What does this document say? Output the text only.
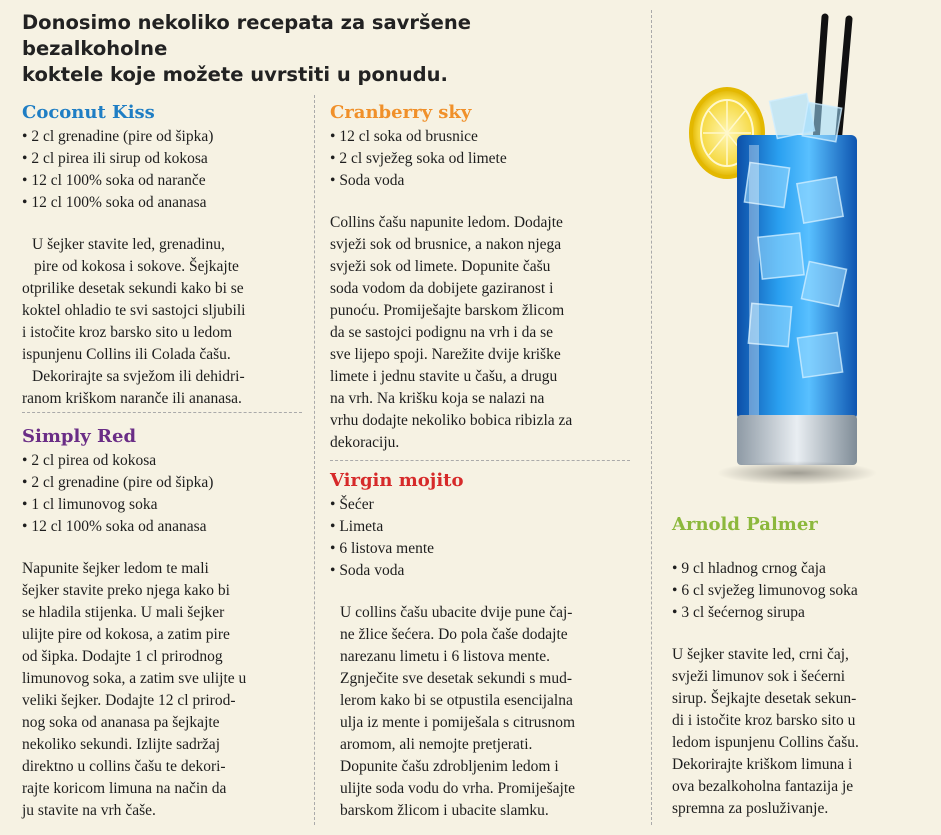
Donosimo nekoliko recepata za savršene bezalkoholne
koktele koje možete uvrstiti u ponudu.
Coconut Kiss
• 2 cl grenadine (pire od šipka)
• 2 cl pirea ili sirup od kokosa
• 12 cl 100% soka od naranče
• 12 cl 100% soka od ananasa
U šejker stavite led, grenadinu,
pire od kokosa i sokove. Šejkajte
otprilike desetak sekundi kako bi se
koktel ohladio te svi sastojci sljubili
i istočite kroz barsko sito u ledom
ispunjenu Collins ili Colada čašu.
Dekorirajte sa svježom ili dehidri-
ranom kriškom naranče ili ananasa.
Simply Red
• 2 cl pirea od kokosa
• 2 cl grenadine (pire od šipka)
• 1 cl limunovog soka
• 12 cl 100% soka od ananasa
Napunite šejker ledom te mali
šejker stavite preko njega kako bi
se hladila stijenka. U mali šejker
ulijte pire od kokosa, a zatim pire
od šipka. Dodajte 1 cl prirodnog
limunovog soka, a zatim sve ulijte u
veliki šejker. Dodajte 12 cl prirod-
nog soka od ananasa pa šejkajte
nekoliko sekundi. Izlijte sadržaj
direktno u collins čašu te dekori-
rajte koricom limuna na način da
ju stavite na vrh čaše.
Cranberry sky
• 12 cl soka od brusnice
• 2 cl svježeg soka od limete
• Soda voda
Collins čašu napunite ledom. Dodajte
svježi sok od brusnice, a nakon njega
svježi sok od limete. Dopunite čašu
soda vodom da dobijete gaziranost i
punoću. Promiješajte barskom žlicom
da se sastojci podignu na vrh i da se
sve lijepo spoji. Narežite dvije kriške
limete i jednu stavite u čašu, a drugu
na vrh. Na krišku koja se nalazi na
vrhu dodajte nekoliko bobica ribizla za
dekoraciju.
Virgin mojito
• Šećer
• Limeta
• 6 listova mente
• Soda voda
U collins čašu ubacite dvije pune čaj-
ne žlice šećera. Do pola čaše dodajte
narezanu limetu i 6 listova mente.
Zgnječite sve desetak sekundi s mud-
lerom kako bi se otpustila esencijalna
ulja iz mente i pomiješala s citrusnom
aromom, ali nemojte pretjerati.
Dopunite čašu zdrobljenim ledom i
ulijte soda vodu do vrha. Promiješajte
barskom žlicom i ubacite slamku.
Arnold Palmer
• 9 cl hladnog crnog čaja
• 6 cl svježeg limunovog soka
• 3 cl šećernog sirupa
U šejker stavite led, crni čaj,
svježi limunov sok i šećerni
sirup. Šejkajte desetak sekun-
di i istočite kroz barsko sito u
ledom ispunjenu Collins čašu.
Dekorirajte kriškom limuna i
ova bezalkoholna fantazija je
spremna za posluživanje.
